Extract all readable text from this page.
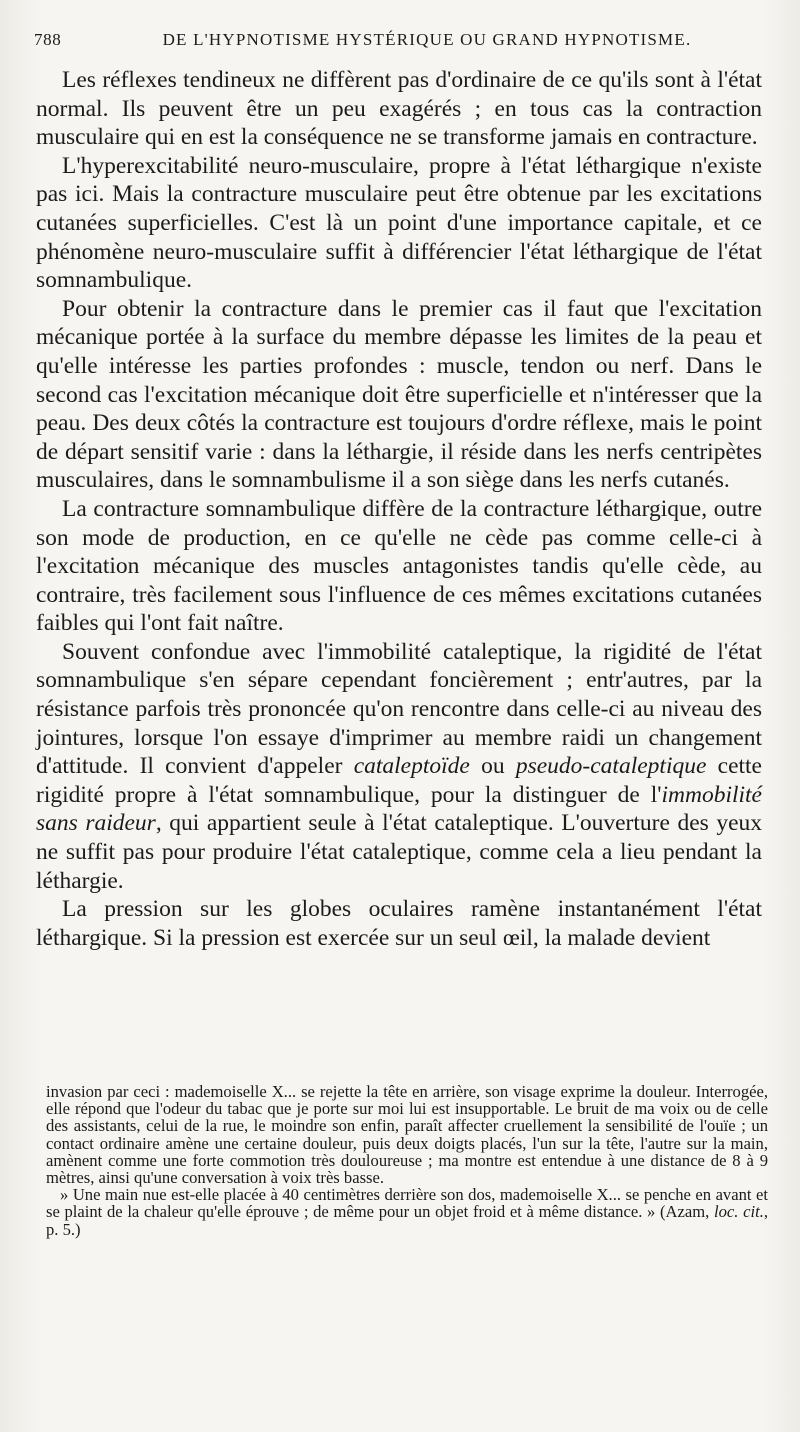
788	DE L'HYPNOTISME HYSTÉRIQUE OU GRAND HYPNOTISME.

Les réflexes tendineux ne diffèrent pas d'ordinaire de ce qu'ils sont à l'état normal. Ils peuvent être un peu exagérés ; en tous cas la contraction musculaire qui en est la conséquence ne se transforme jamais en contracture.

L'hyperexcitabilité neuro-musculaire, propre à l'état léthargique n'existe pas ici. Mais la contracture musculaire peut être obtenue par les excitations cutanées superficielles. C'est là un point d'une importance capitale, et ce phénomène neuro-musculaire suffit à différencier l'état léthargique de l'état somnambulique.

Pour obtenir la contracture dans le premier cas il faut que l'excitation mécanique portée à la surface du membre dépasse les limites de la peau et qu'elle intéresse les parties profondes : muscle, tendon ou nerf. Dans le second cas l'excitation mécanique doit être superficielle et n'intéresser que la peau. Des deux côtés la contracture est toujours d'ordre réflexe, mais le point de départ sensitif varie : dans la léthargie, il réside dans les nerfs centripètes musculaires, dans le somnambulisme il a son siège dans les nerfs cutanés.

La contracture somnambulique diffère de la contracture léthargique, outre son mode de production, en ce qu'elle ne cède pas comme celle-ci à l'excitation mécanique des muscles antagonistes tandis qu'elle cède, au contraire, très facilement sous l'influence de ces mêmes excitations cutanées faibles qui l'ont fait naître.

Souvent confondue avec l'immobilité cataleptique, la rigidité de l'état somnambulique s'en sépare cependant foncièrement ; entr'autres, par la résistance parfois très prononcée qu'on rencontre dans celle-ci au niveau des jointures, lorsque l'on essaye d'imprimer au membre raidi un changement d'attitude. Il convient d'appeler cataleptoïde ou pseudo-cataleptique cette rigidité propre à l'état somnambulique, pour la distinguer de l'immobilité sans raideur, qui appartient seule à l'état cataleptique. L'ouverture des yeux ne suffit pas pour produire l'état cataleptique, comme cela a lieu pendant la léthargie.

La pression sur les globes oculaires ramène instantanément l'état léthargique. Si la pression est exercée sur un seul œil, la malade devient

invasion par ceci : mademoiselle X... se rejette la tête en arrière, son visage exprime la douleur. Interrogée, elle répond que l'odeur du tabac que je porte sur moi lui est insupportable. Le bruit de ma voix ou de celle des assistants, celui de la rue, le moindre son enfin, paraît affecter cruellement la sensibilité de l'ouïe ; un contact ordinaire amène une certaine douleur, puis deux doigts placés, l'un sur la tête, l'autre sur la main, amènent comme une forte commotion très douloureuse ; ma montre est entendue à une distance de 8 à 9 mètres, ainsi qu'une conversation à voix très basse.

» Une main nue est-elle placée à 40 centimètres derrière son dos, mademoiselle X... se penche en avant et se plaint de la chaleur qu'elle éprouve ; de même pour un objet froid et à même distance. » (Azam, loc. cit., p. 5.)
